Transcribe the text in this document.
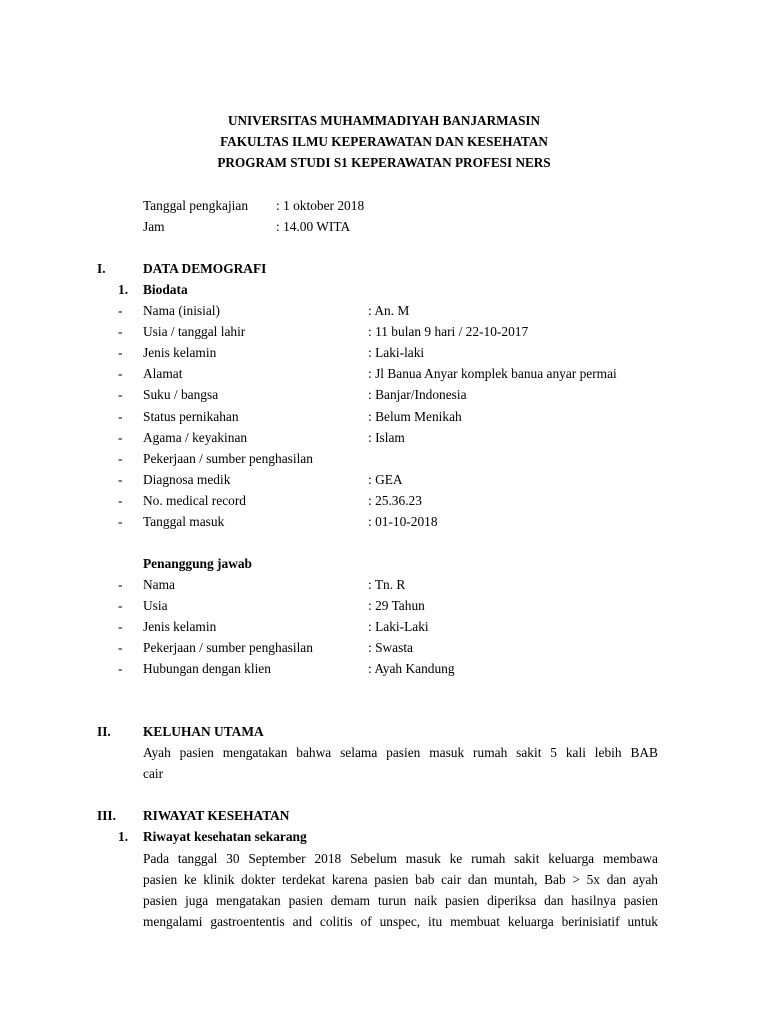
UNIVERSITAS MUHAMMADIYAH BANJARMASIN
FAKULTAS ILMU KEPERAWATAN DAN KESEHATAN
PROGRAM STUDI S1 KEPERAWATAN PROFESI NERS
Tanggal pengkajian : 1 oktober 2018
Jam	: 14.00 WITA
I.	DATA DEMOGRAFI
1. Biodata
- Nama (inisial)	: An. M
- Usia / tanggal lahir	: 11 bulan 9 hari / 22-10-2017
- Jenis kelamin	: Laki-laki
- Alamat	: Jl Banua Anyar komplek banua anyar permai
- Suku / bangsa	: Banjar/Indonesia
- Status pernikahan	: Belum Menikah
- Agama / keyakinan	: Islam
- Pekerjaan / sumber penghasilan
- Diagnosa medik	: GEA
- No. medical record	: 25.36.23
- Tanggal masuk	: 01-10-2018
Penanggung jawab
- Nama	: Tn. R
- Usia	: 29 Tahun
- Jenis kelamin	: Laki-Laki
- Pekerjaan / sumber penghasilan	: Swasta
- Hubungan dengan klien	: Ayah Kandung
II. KELUHAN UTAMA
Ayah pasien mengatakan bahwa selama pasien masuk rumah sakit 5 kali lebih BAB
cair
III. RIWAYAT KESEHATAN
1. Riwayat kesehatan sekarang
Pada tanggal 30 September 2018 Sebelum masuk ke rumah sakit keluarga membawa
pasien ke klinik dokter terdekat karena pasien bab cair dan muntah, Bab > 5x dan ayah
pasien juga mengatakan pasien demam turun naik pasien diperiksa dan hasilnya pasien
mengalami gastroententis and colitis of unspec, itu membuat keluarga berinisiatif untuk
